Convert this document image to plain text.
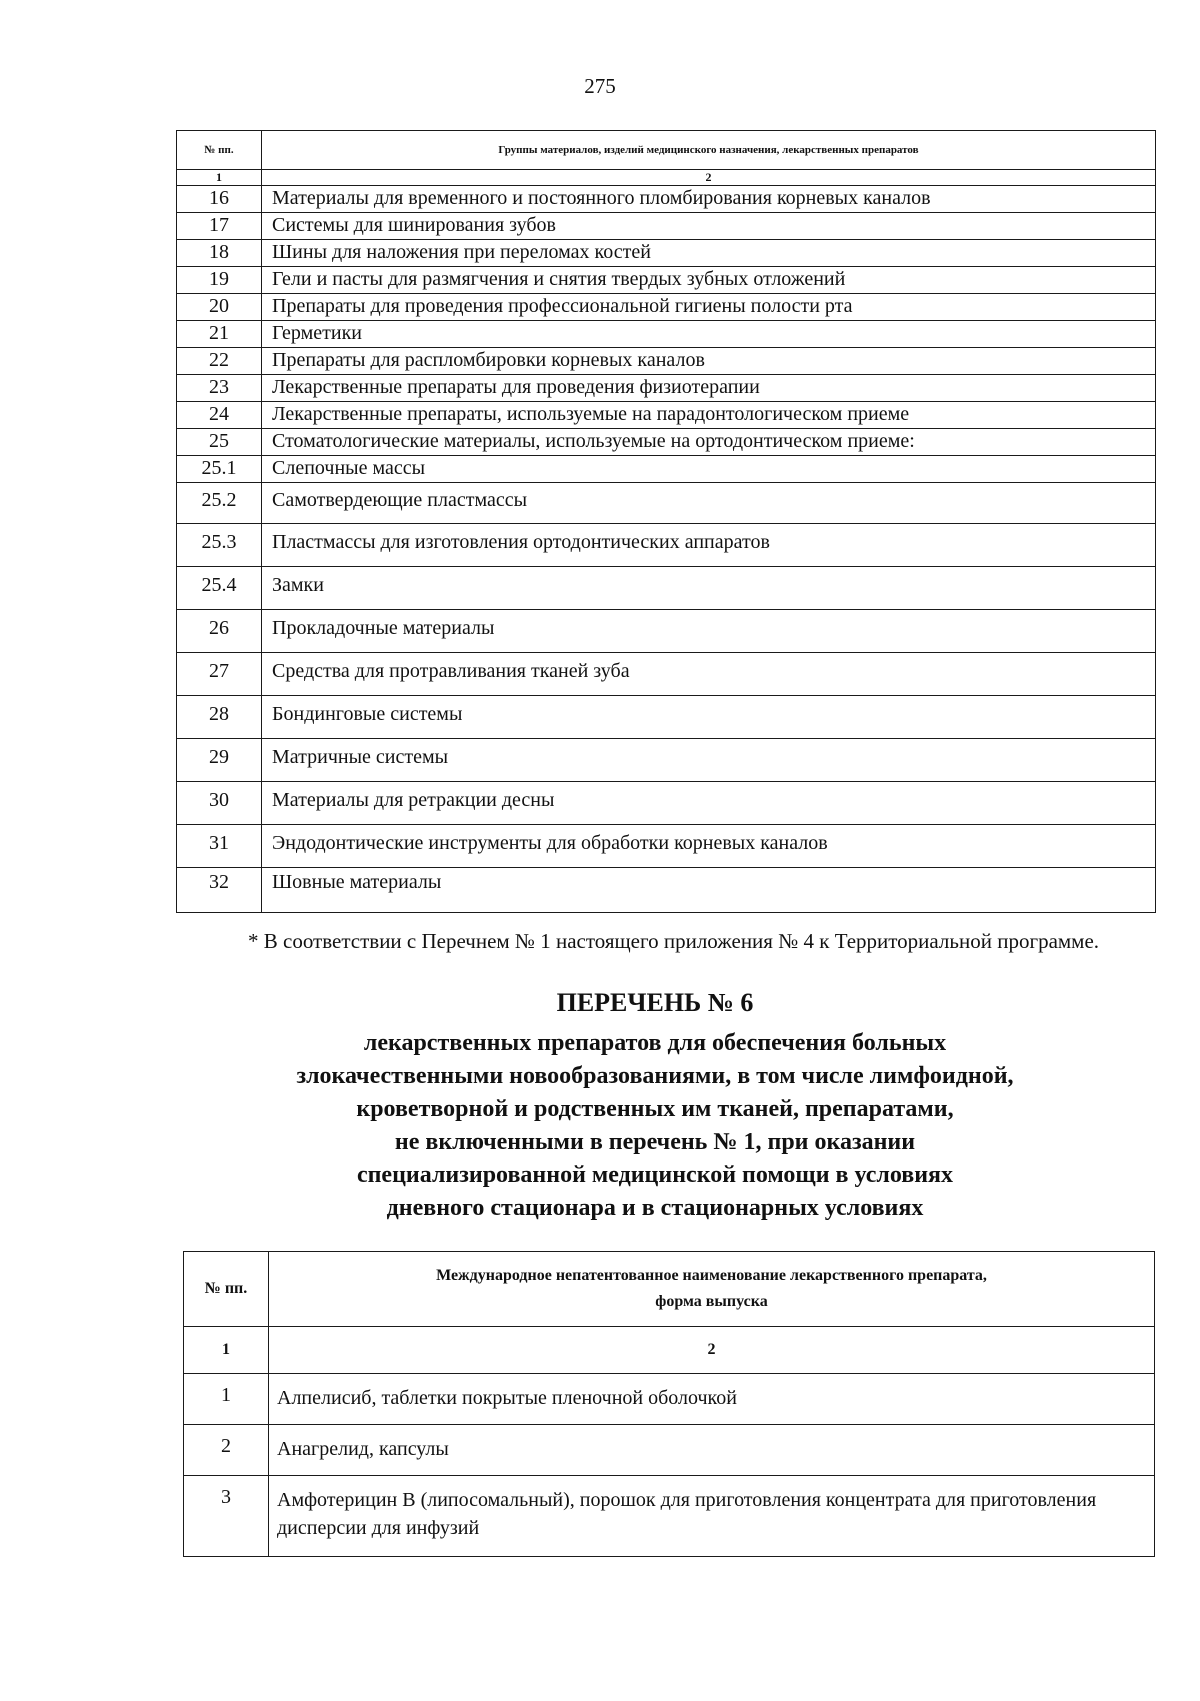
275
№ пп.	Группы материалов, изделий медицинского назначения, лекарственных препаратов
1	2
16	Материалы для временного и постоянного пломбирования корневых каналов
17	Системы для шинирования зубов
18	Шины для наложения при переломах костей
19	Гели и пасты для размягчения и снятия твердых зубных отложений
20	Препараты для проведения профессиональной гигиены полости рта
21	Герметики
22	Препараты для распломбировки корневых каналов
23	Лекарственные препараты для проведения физиотерапии
24	Лекарственные препараты, используемые на парадонтологическом приеме
25	Стоматологические материалы, используемые на ортодонтическом приеме:
25.1	Слепочные массы
25.2	Самотвердеющие пластмассы
25.3	Пластмассы для изготовления ортодонтических аппаратов
25.4	Замки
26	Прокладочные материалы
27	Средства для протравливания тканей зуба
28	Бондинговые системы
29	Матричные системы
30	Материалы для ретракции десны
31	Эндодонтические инструменты для обработки корневых каналов
32	Шовные материалы
* В соответствии с Перечнем № 1 настоящего приложения № 4 к Территориальной программе.
ПЕРЕЧЕНЬ № 6
лекарственных препаратов для обеспечения больных
злокачественными новообразованиями, в том числе лимфоидной,
кроветворной и родственных им тканей, препаратами,
не включенными в перечень № 1, при оказании
специализированной медицинской помощи в условиях
дневного стационара и в стационарных условиях
№ пп.	Международное непатентованное наименование лекарственного препарата,
форма выпуска

1	2
1	Алпелисиб, таблетки покрытые пленочной оболочкой
2	Анагрелид, капсулы
3	Амфотерицин В (липосомальный), порошок для приготовления концентрата для приготовления дисперсии для инфузий
